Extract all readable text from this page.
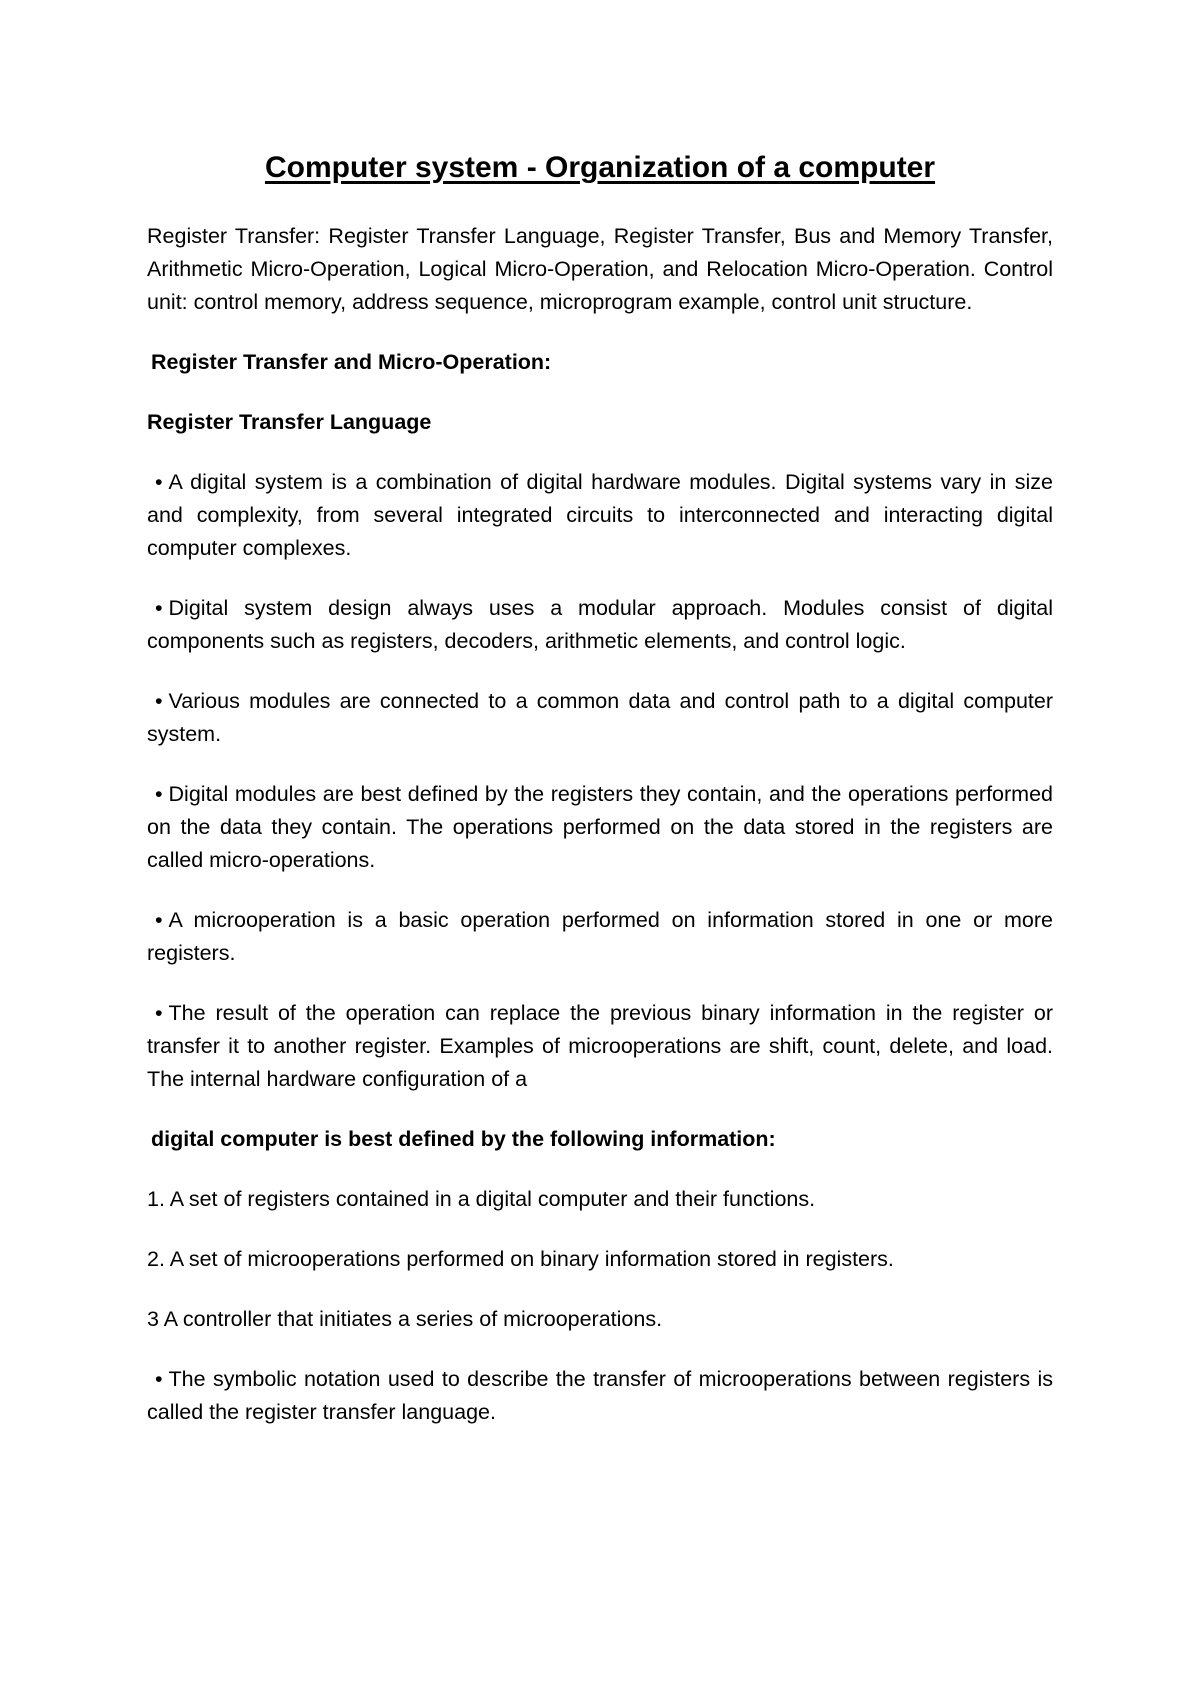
Computer system - Organization of a computer
Register Transfer: Register Transfer Language, Register Transfer, Bus and Memory Transfer, Arithmetic Micro-Operation, Logical Micro-Operation, and Relocation Micro-Operation. Control unit: control memory, address sequence, microprogram example, control unit structure.
Register Transfer and Micro-Operation:
Register Transfer Language
• A digital system is a combination of digital hardware modules. Digital systems vary in size and complexity, from several integrated circuits to interconnected and interacting digital computer complexes.
• Digital system design always uses a modular approach. Modules consist of digital components such as registers, decoders, arithmetic elements, and control logic.
• Various modules are connected to a common data and control path to a digital computer system.
• Digital modules are best defined by the registers they contain, and the operations performed on the data they contain. The operations performed on the data stored in the registers are called micro-operations.
• A microoperation is a basic operation performed on information stored in one or more registers.
• The result of the operation can replace the previous binary information in the register or transfer it to another register. Examples of microoperations are shift, count, delete, and load. The internal hardware configuration of a
digital computer is best defined by the following information:
1. A set of registers contained in a digital computer and their functions.
2. A set of microoperations performed on binary information stored in registers.
3 A controller that initiates a series of microoperations.
• The symbolic notation used to describe the transfer of microoperations between registers is called the register transfer language.
